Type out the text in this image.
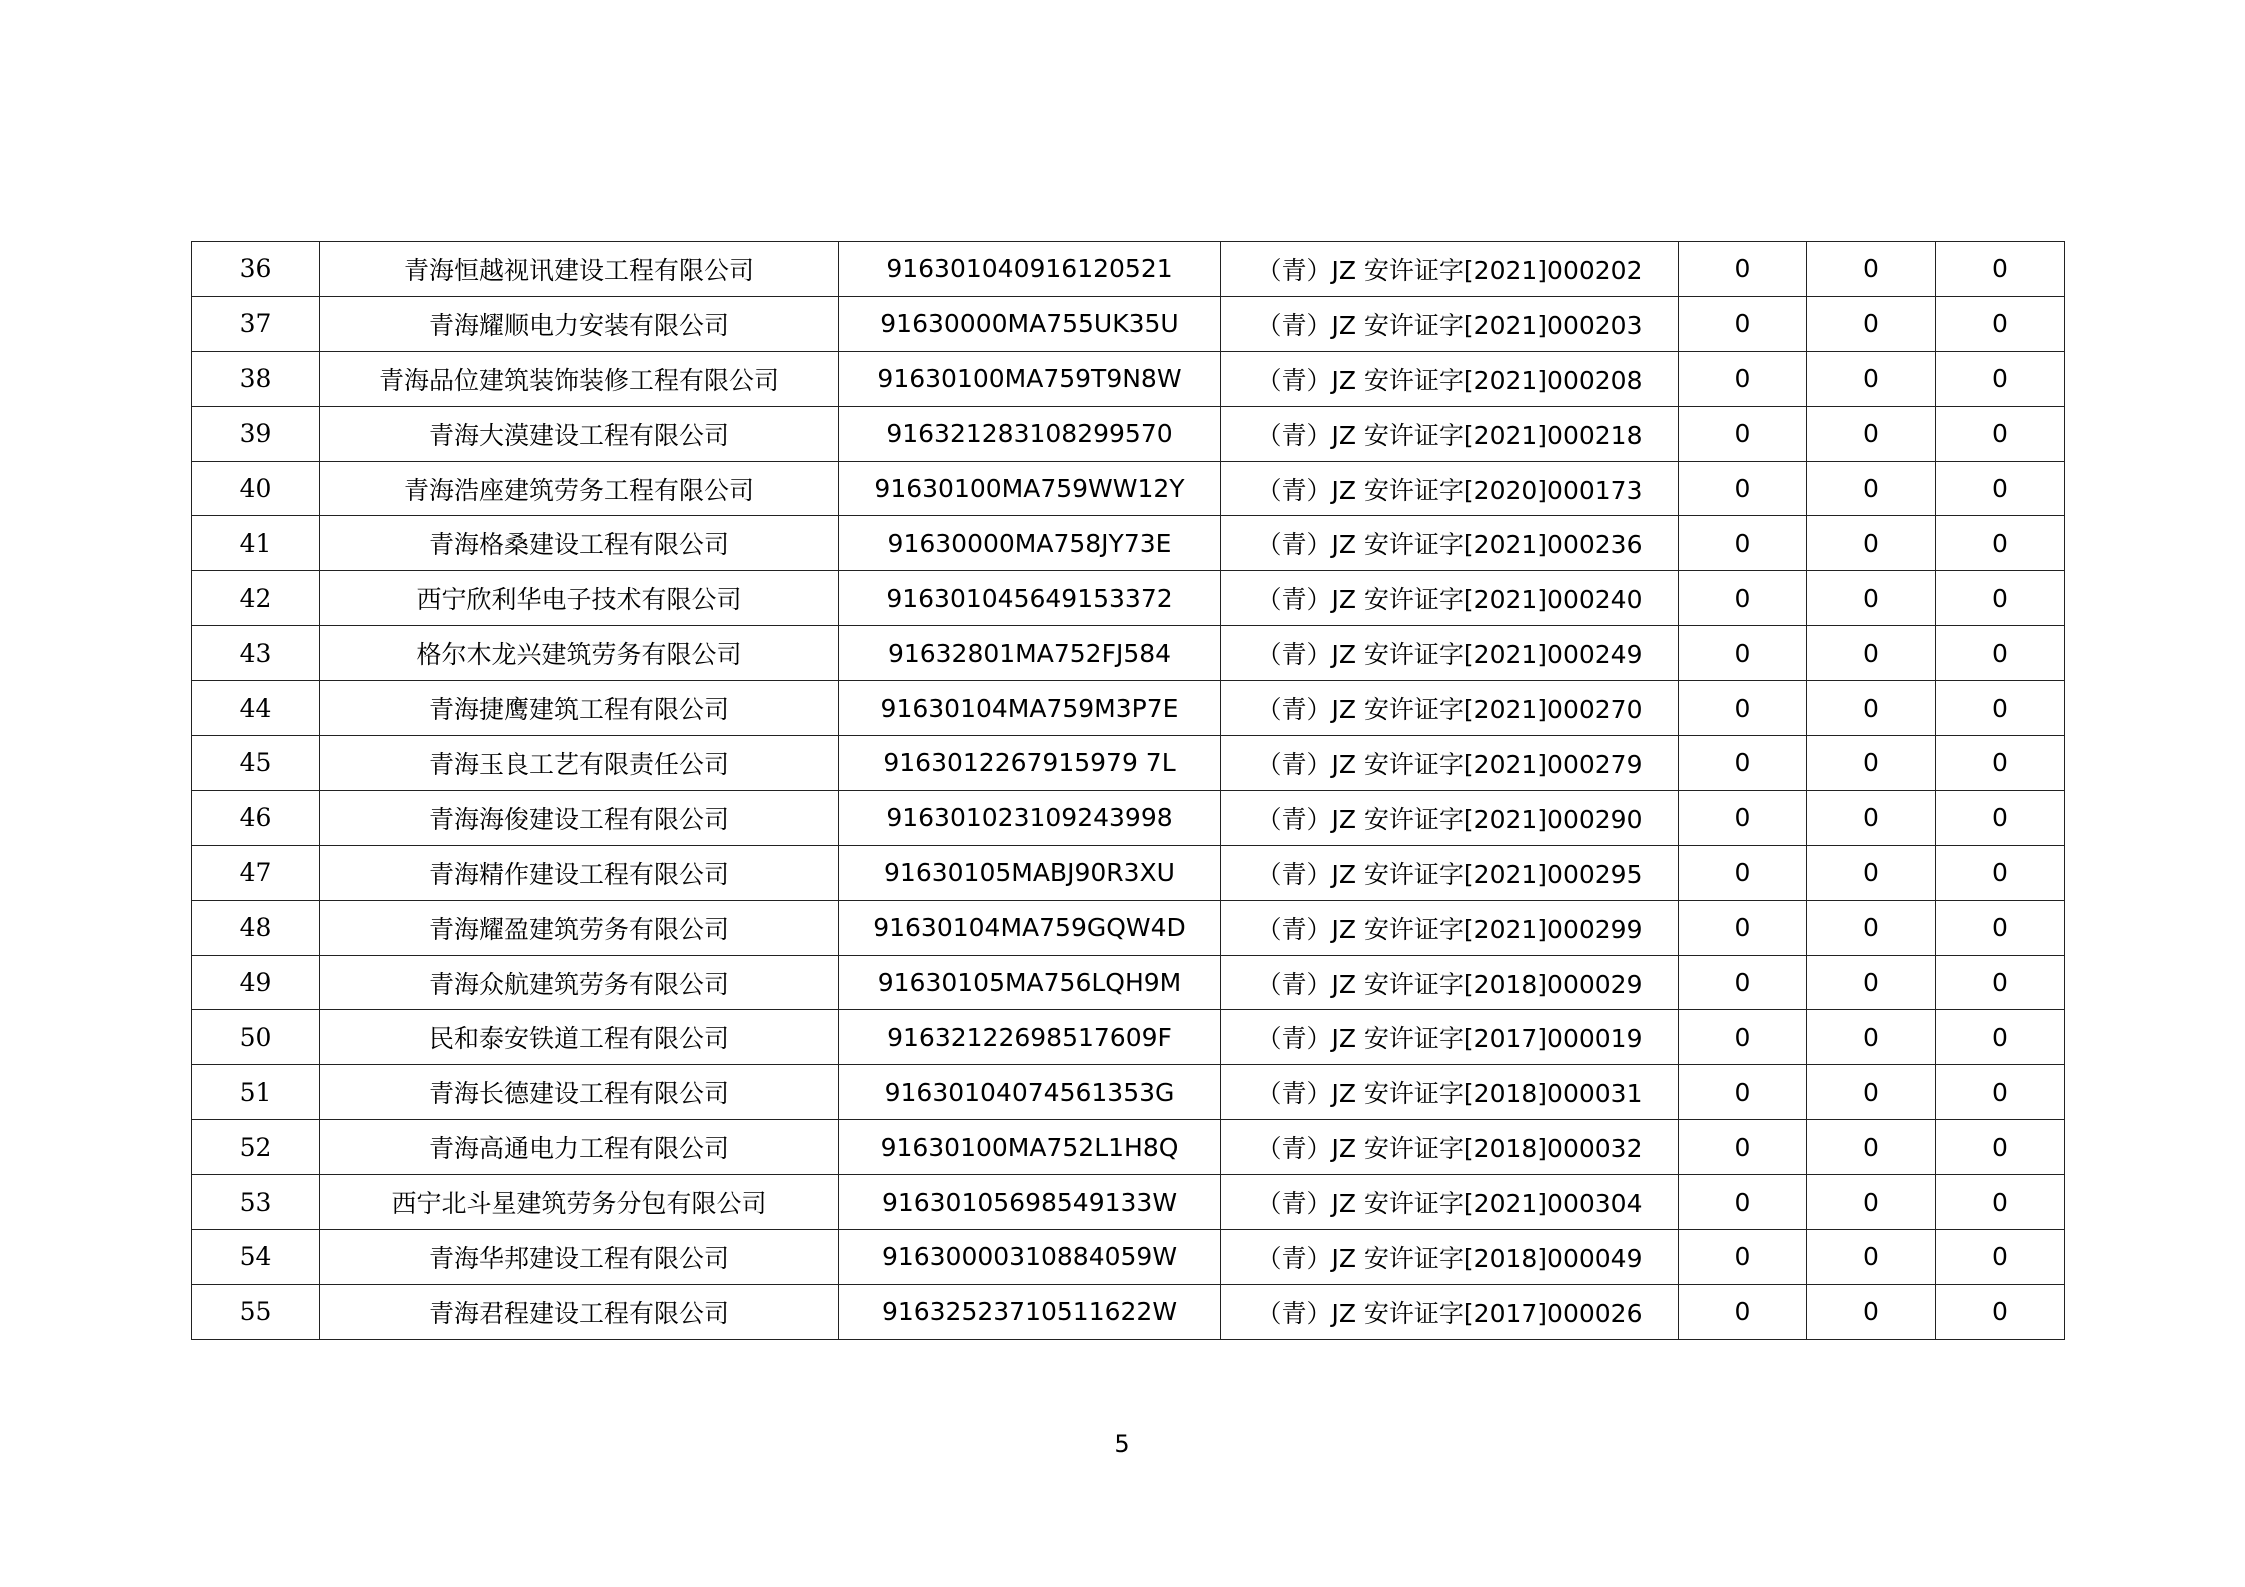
36	青海恒越视讯建设工程有限公司	916301040916120521	（青）JZ 安许证字[2021]000202	0	0	0
37	青海耀顺电力安装有限公司	91630000MA755UK35U	（青）JZ 安许证字[2021]000203	0	0	0
38	青海品位建筑装饰装修工程有限公司	91630100MA759T9N8W	（青）JZ 安许证字[2021]000208	0	0	0
39	青海大漠建设工程有限公司	916321283108299570	（青）JZ 安许证字[2021]000218	0	0	0
40	青海浩座建筑劳务工程有限公司	91630100MA759WW12Y	（青）JZ 安许证字[2020]000173	0	0	0
41	青海格桑建设工程有限公司	91630000MA758JY73E	（青）JZ 安许证字[2021]000236	0	0	0
42	西宁欣利华电子技术有限公司	916301045649153372	（青）JZ 安许证字[2021]000240	0	0	0
43	格尔木龙兴建筑劳务有限公司	91632801MA752FJ584	（青）JZ 安许证字[2021]000249	0	0	0
44	青海捷鹰建筑工程有限公司	91630104MA759M3P7E	（青）JZ 安许证字[2021]000270	0	0	0
45	青海玉良工艺有限责任公司	9163012267915979 7L	（青）JZ 安许证字[2021]000279	0	0	0
46	青海海俊建设工程有限公司	916301023109243998	（青）JZ 安许证字[2021]000290	0	0	0
47	青海精作建设工程有限公司	91630105MABJ90R3XU	（青）JZ 安许证字[2021]000295	0	0	0
48	青海耀盈建筑劳务有限公司	91630104MA759GQW4D	（青）JZ 安许证字[2021]000299	0	0	0
49	青海众航建筑劳务有限公司	91630105MA756LQH9M	（青）JZ 安许证字[2018]000029	0	0	0
50	民和泰安铁道工程有限公司	91632122698517609F	（青）JZ 安许证字[2017]000019	0	0	0
51	青海长德建设工程有限公司	91630104074561353G	（青）JZ 安许证字[2018]000031	0	0	0
52	青海高通电力工程有限公司	91630100MA752L1H8Q	（青）JZ 安许证字[2018]000032	0	0	0
53	西宁北斗星建筑劳务分包有限公司	91630105698549133W	（青）JZ 安许证字[2021]000304	0	0	0
54	青海华邦建设工程有限公司	91630000310884059W	（青）JZ 安许证字[2018]000049	0	0	0
55	青海君程建设工程有限公司	91632523710511622W	（青）JZ 安许证字[2017]000026	0	0	0
5
